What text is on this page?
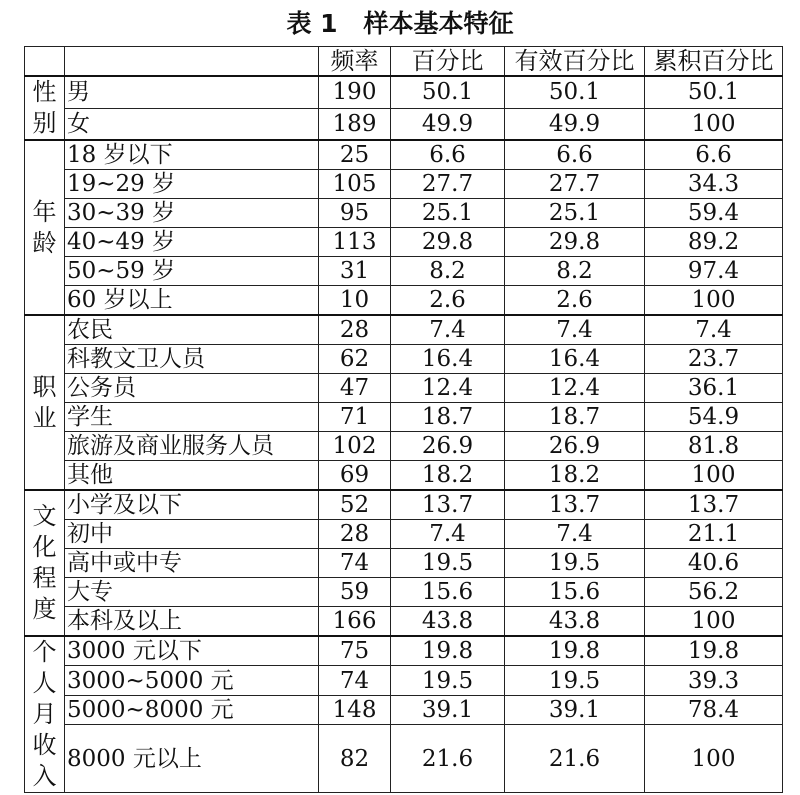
表 1 样本基本特征
		频率	百分比	有效百分比	累积百分比

性
别	男	190	50.1	50.1	50.1
	女	189	49.9	49.9	100

年
龄	18 岁以下	25	6.6	6.6	6.6
	19~29 岁	105	27.7	27.7	34.3
	30~39 岁	95	25.1	25.1	59.4
	40~49 岁	113	29.8	29.8	89.2
	50~59 岁	31	8.2	8.2	97.4
	60 岁以上	10	2.6	2.6	100

职
业	农民	28	7.4	7.4	7.4
	科教文卫人员	62	16.4	16.4	23.7
	公务员	47	12.4	12.4	36.1
	学生	71	18.7	18.7	54.9
	旅游及商业服务人员	102	26.9	26.9	81.8
	其他	69	18.2	18.2	100

文
化
程
度	小学及以下	52	13.7	13.7	13.7
	初中	28	7.4	7.4	21.1
	高中或中专	74	19.5	19.5	40.6
	大专	59	15.6	15.6	56.2
	本科及以上	166	43.8	43.8	100

个
人
月
收
入	3000 元以下	75	19.8	19.8	19.8
	3000~5000 元	74	19.5	19.5	39.3
	5000~8000 元	148	39.1	39.1	78.4
	8000 元以上	82	21.6	21.6	100
